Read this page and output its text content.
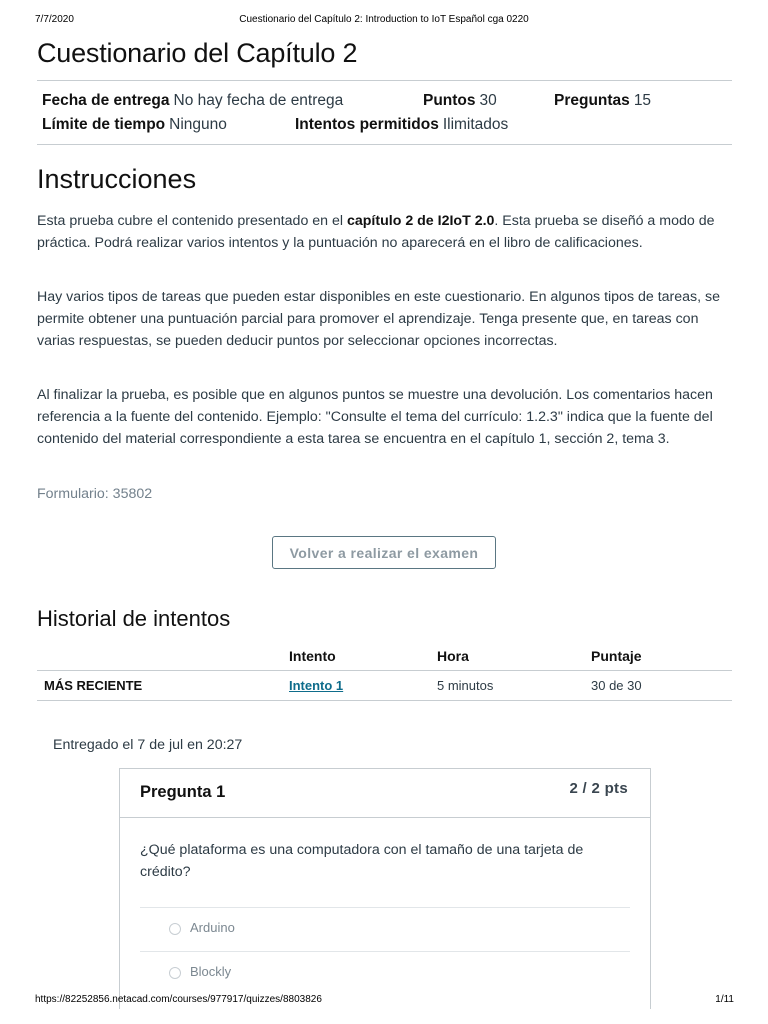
7/7/2020	Cuestionario del Capítulo 2: Introduction to IoT Español cga 0220
Cuestionario del Capítulo 2
Fecha de entrega No hay fecha de entrega	Puntos 30	Preguntas 15
Límite de tiempo Ninguno	Intentos permitidos Ilimitados
Instrucciones

Esta prueba cubre el contenido presentado en el capítulo 2 de I2IoT 2.0. Esta prueba se diseñó a modo de práctica. Podrá realizar varios intentos y la puntuación no aparecerá en el libro de calificaciones.

Hay varios tipos de tareas que pueden estar disponibles en este cuestionario. En algunos tipos de tareas, se permite obtener una puntuación parcial para promover el aprendizaje. Tenga presente que, en tareas con varias respuestas, se pueden deducir puntos por seleccionar opciones incorrectas.

Al finalizar la prueba, es posible que en algunos puntos se muestre una devolución. Los comentarios hacen referencia a la fuente del contenido. Ejemplo: "Consulte el tema del currículo: 1.2.3" indica que la fuente del contenido del material correspondiente a esta tarea se encuentra en el capítulo 1, sección 2, tema 3.

Formulario: 35802
Volver a realizar el examen
Historial de intentos
	Intento	Hora	Puntaje
MÁS RECIENTE	Intento 1	5 minutos	30 de 30
Entregado el 7 de jul en 20:27
Pregunta 1	2 / 2 pts
¿Qué plataforma es una computadora con el tamaño de una tarjeta de crédito?
Arduino
Blockly
https://82252856.netacad.com/courses/977917/quizzes/8803826	1/11
